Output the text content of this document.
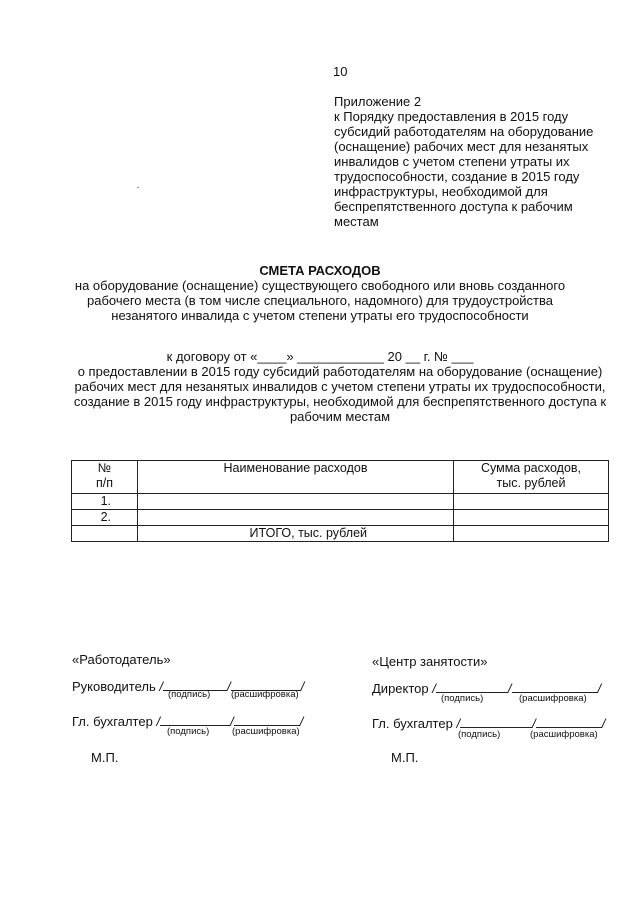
10
Приложение 2
к Порядку предоставления в 2015 году
субсидий работодателям на оборудование
(оснащение) рабочих мест для незанятых
инвалидов с учетом степени утраты их
трудоспособности, создание в 2015 году
инфраструктуры, необходимой для
беспрепятственного доступа к рабочим
местам
СМЕТА РАСХОДОВ
на оборудование (оснащение) существующего свободного или вновь созданного
рабочего места (в том числе специального, надомного) для трудоустройства
незанятого инвалида с учетом степени утраты его трудоспособности
к договору от «____» ____________ 20 __ г. № ___
о предоставлении в 2015 году субсидий работодателям на оборудование (оснащение)
рабочих мест для незанятых инвалидов с учетом степени утраты их трудоспособности,
создание в 2015 году инфраструктуры, необходимой для беспрепятственного доступа к
рабочим местам
№
п/п	Наименование расходов	Сумма расходов,
тыс. рублей

1.		
2.		
	ИТОГО, тыс. рублей	
«Работодатель»
Руководитель /	/	/
(подпись) (расшифровка)
Гл. бухгалтер /	/	/
(подпись) (расшифровка)
М.П.
«Центр занятости»
Директор /	/	/
(подпись)	(расшифровка)
Гл. бухгалтер /	/	/
(подпись)	(расшифровка)
М.П.
